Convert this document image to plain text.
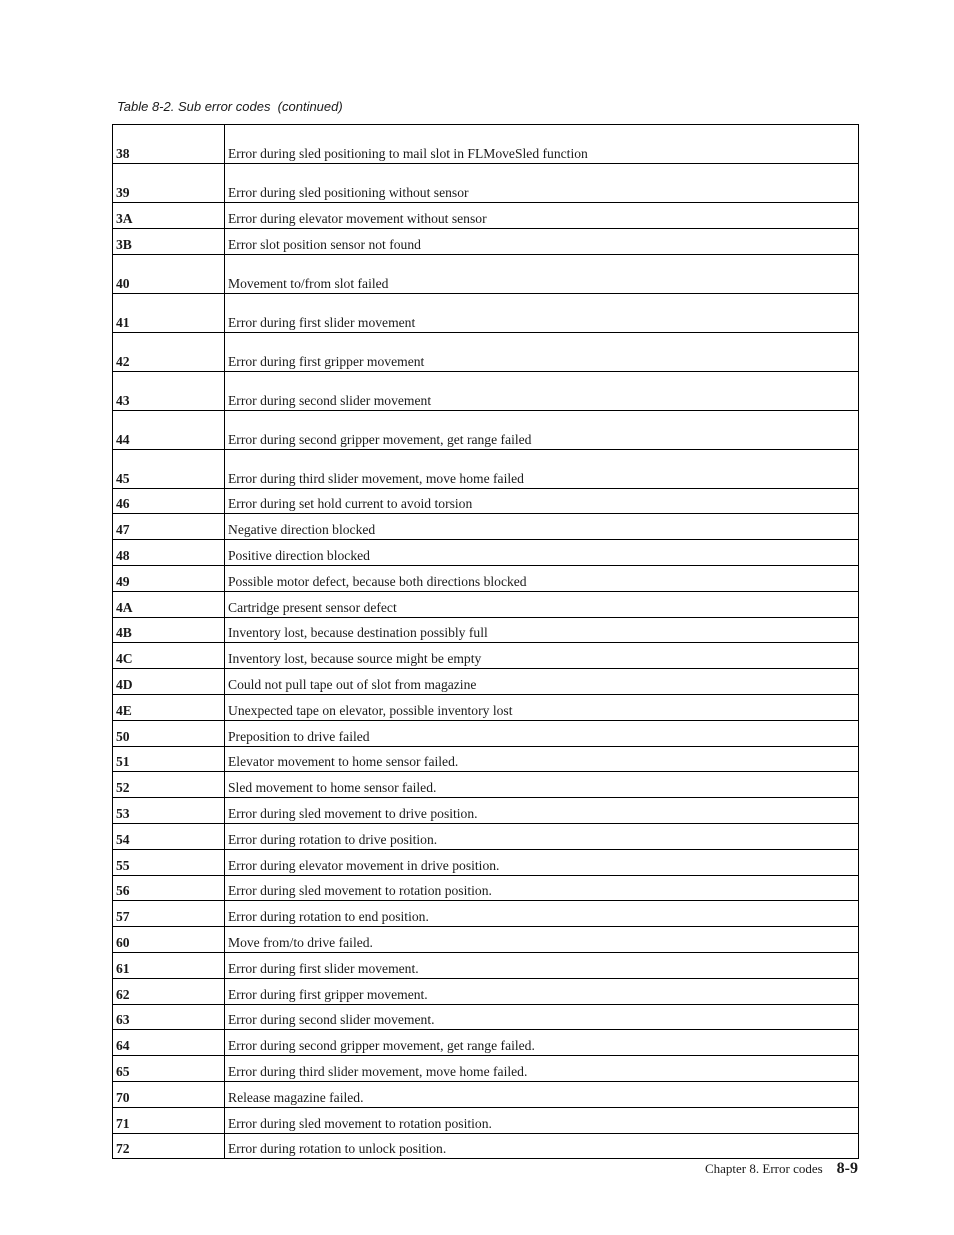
Table 8-2. Sub error codes  (continued)
38	Error during sled positioning to mail slot in FLMoveSled function
39	Error during sled positioning without sensor
3A	Error during elevator movement without sensor
3B	Error slot position sensor not found
40	Movement to/from slot failed
41	Error during first slider movement
42	Error during first gripper movement
43	Error during second slider movement
44	Error during second gripper movement, get range failed
45	Error during third slider movement, move home failed
46	Error during set hold current to avoid torsion
47	Negative direction blocked
48	Positive direction blocked
49	Possible motor defect, because both directions blocked
4A	Cartridge present sensor defect
4B	Inventory lost, because destination possibly full
4C	Inventory lost, because source might be empty
4D	Could not pull tape out of slot from magazine
4E	Unexpected tape on elevator, possible inventory lost
50	Preposition to drive failed
51	Elevator movement to home sensor failed.
52	Sled movement to home sensor failed.
53	Error during sled movement to drive position.
54	Error during rotation to drive position.
55	Error during elevator movement in drive position.
56	Error during sled movement to rotation position.
57	Error during rotation to end position.
60	Move from/to drive failed.
61	Error during first slider movement.
62	Error during first gripper movement.
63	Error during second slider movement.
64	Error during second gripper movement, get range failed.
65	Error during third slider movement, move home failed.
70	Release magazine failed.
71	Error during sled movement to rotation position.
72	Error during rotation to unlock position.
Chapter 8. Error codes 8-9
